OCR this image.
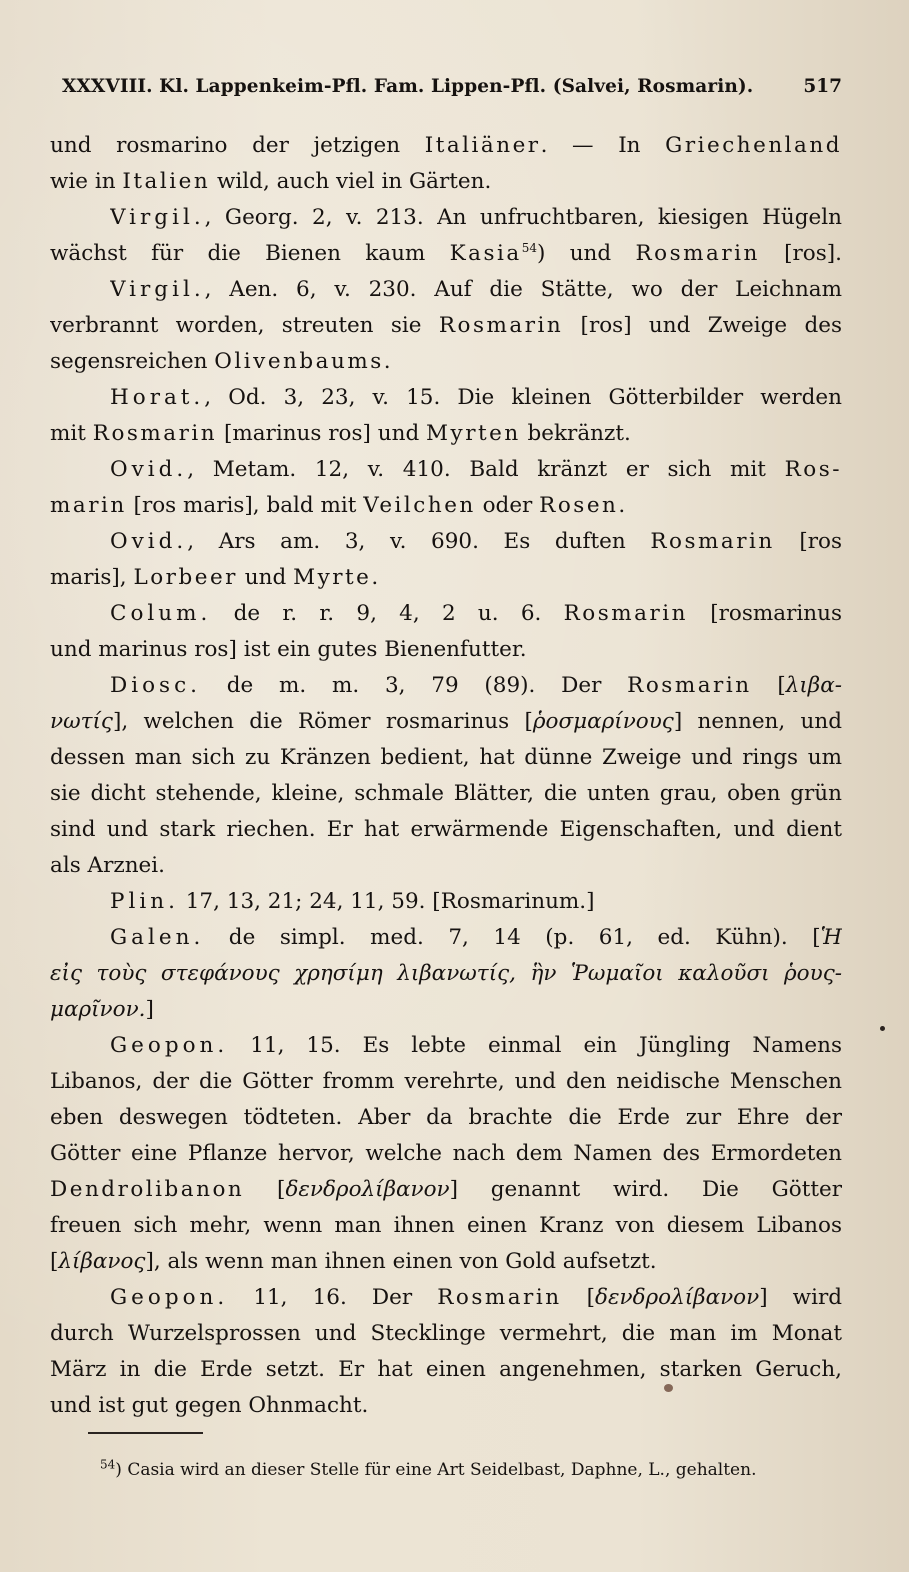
XXXVIII. Kl. Lappenkeim-Pfl. Fam. Lippen-Pfl. (Salvei, Rosmarin).	517
und rosmarino der jetzigen Italiäner. — In Griechenland
wie in Italien wild, auch viel in Gärten.
Virgil., Georg. 2, v. 213. An unfruchtbaren, kiesigen Hügeln
wächst für die Bienen kaum Kasia$^{54}$) und Rosmarin [ros].
Virgil., Aen. 6, v. 230. Auf die Stätte, wo der Leichnam
verbrannt worden, streuten sie Rosmarin [ros] und Zweige des
segensreichen Olivenbaums.
Horat., Od. 3, 23, v. 15. Die kleinen Götterbilder werden
mit Rosmarin [marinus ros] und Myrten bekränzt.
Ovid., Metam. 12, v. 410. Bald kränzt er sich mit Ros-
marin [ros maris], bald mit Veilchen oder Rosen.
Ovid., Ars am. 3, v. 690. Es duften Rosmarin [ros
maris], Lorbeer und Myrte.
Colum. de r. r. 9, 4, 2 u. 6. Rosmarin [rosmarinus
und marinus ros] ist ein gutes Bienenfutter.
Diosc. de m. m. 3, 79 (89). Der Rosmarin [λιβα-
νωτίς], welchen die Römer rosmarinus [ῥοσμαρίνους] nennen, und
dessen man sich zu Kränzen bedient, hat dünne Zweige und rings um
sie dicht stehende, kleine, schmale Blätter, die unten grau, oben grün
sind und stark riechen. Er hat erwärmende Eigenschaften, und dient
als Arznei.
Plin. 17, 13, 21; 24, 11, 59. [Rosmarinum.]
Galen. de simpl. med. 7, 14 (p. 61, ed. Kühn). [Ἡ
εἰς τοὺς στεφάνους χρησίμη λιβανωτίς, ἣν Ῥωμαῖοι καλοῦσι ῥους-
μαρῖνον.]
Geopon. 11, 15. Es lebte einmal ein Jüngling Namens
Libanos, der die Götter fromm verehrte, und den neidische Menschen
eben deswegen tödteten. Aber da brachte die Erde zur Ehre der
Götter eine Pflanze hervor, welche nach dem Namen des Ermordeten
Dendrolibanon [δενδρολίβανον] genannt wird. Die Götter
freuen sich mehr, wenn man ihnen einen Kranz von diesem Libanos
[λίβανος], als wenn man ihnen einen von Gold aufsetzt.
Geopon. 11, 16. Der Rosmarin [δενδρολίβανον] wird
durch Wurzelsprossen und Stecklinge vermehrt, die man im Monat
März in die Erde setzt. Er hat einen angenehmen, starken Geruch,
und ist gut gegen Ohnmacht.
$^{54}$) Casia wird an dieser Stelle für eine Art Seidelbast, Daphne, L., gehalten.
